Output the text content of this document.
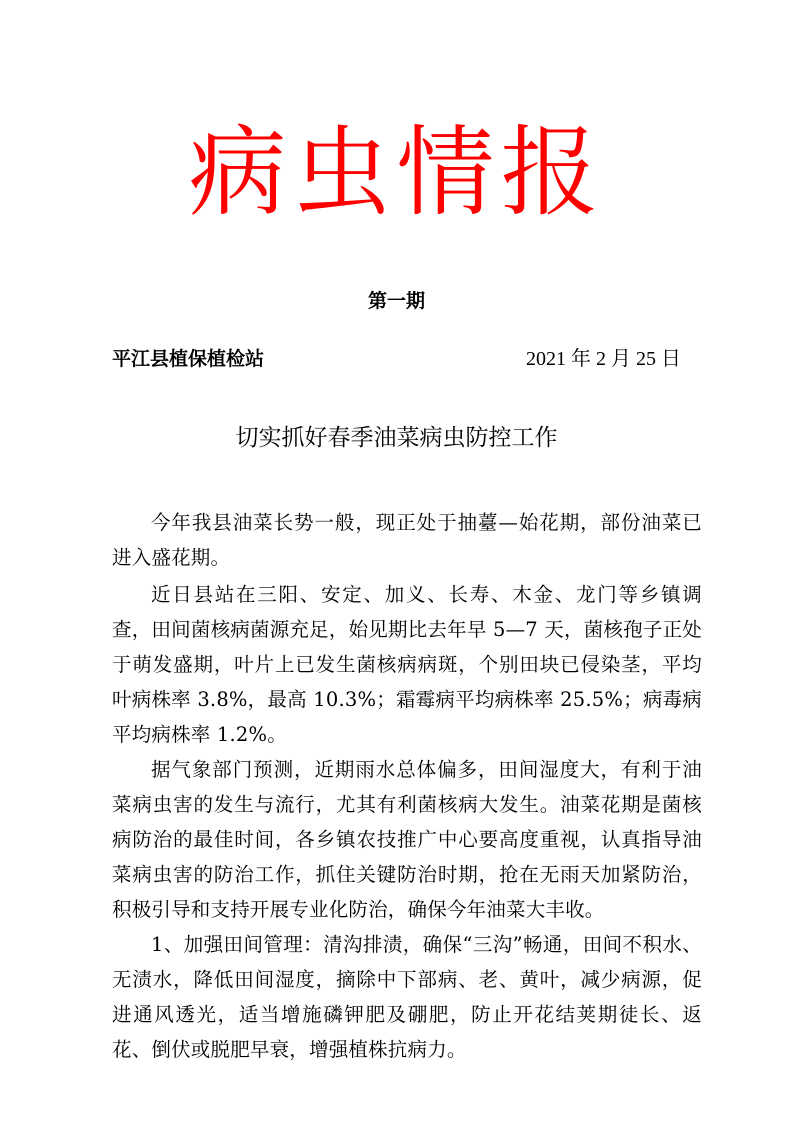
病虫情报
第一期
平江县植保植检站	2021 年 2 月 25 日
切实抓好春季油菜病虫防控工作

今年我县油菜长势一般，现正处于抽薹—始花期，部份油菜已进入盛花期。

近日县站在三阳、安定、加义、长寿、木金、龙门等乡镇调查，田间菌核病菌源充足，始见期比去年早 5—7 天，菌核孢子正处于萌发盛期，叶片上已发生菌核病病斑，个别田块已侵染茎，平均叶病株率 3.8%，最高 10.3%；霜霉病平均病株率 25.5%；病毒病平均病株率 1.2%。

据气象部门预测，近期雨水总体偏多，田间湿度大，有利于油菜病虫害的发生与流行，尤其有利菌核病大发生。油菜花期是菌核病防治的最佳时间，各乡镇农技推广中心要高度重视，认真指导油菜病虫害的防治工作，抓住关键防治时期，抢在无雨天加紧防治，积极引导和支持开展专业化防治，确保今年油菜大丰收。

1、加强田间管理：清沟排渍，确保“三沟”畅通，田间不积水、无渍水，降低田间湿度，摘除中下部病、老、黄叶，减少病源，促进通风透光，适当增施磷钾肥及硼肥，防止开花结荚期徒长、返花、倒伏或脱肥早衰，增强植株抗病力。
